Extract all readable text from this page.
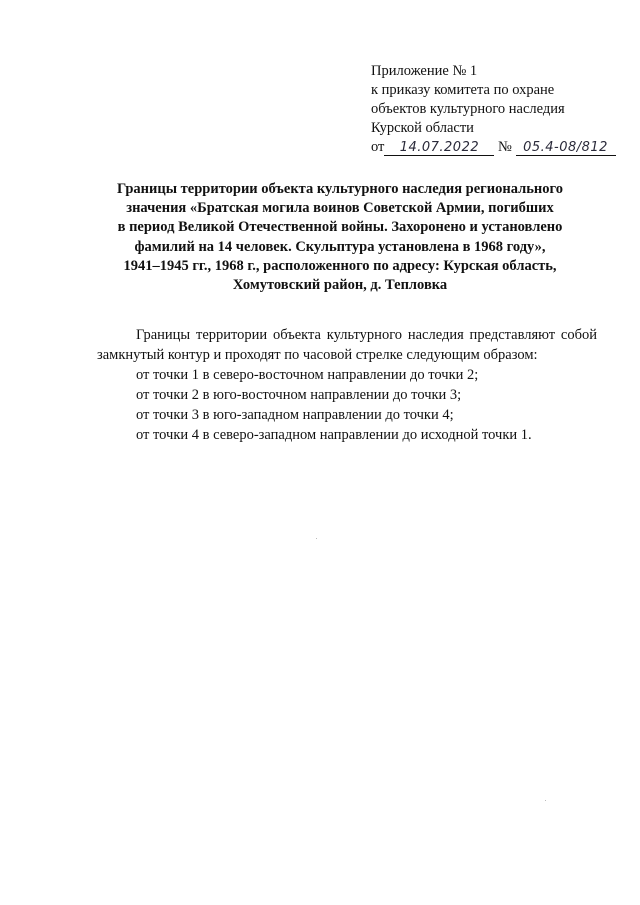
Приложение № 1
к приказу комитета по охране
объектов культурного наследия
Курской области
от 14.07.2022 № 05.4-08/812
Границы территории объекта культурного наследия регионального
значения «Братская могила воинов Советской Армии, погибших
в период Великой Отечественной войны. Захоронено и установлено
фамилий на 14 человек. Скульптура установлена в 1968 году»,
1941–1945 гг., 1968 г., расположенного по адресу: Курская область,
Хомутовский район, д. Тепловка

Границы территории объекта культурного наследия представляют собой замкнутый контур и проходят по часовой стрелке следующим образом:

от точки 1 в северо-восточном направлении до точки 2;

от точки 2 в юго-восточном направлении до точки 3;

от точки 3 в юго-западном направлении до точки 4;

от точки 4 в северо-западном направлении до исходной точки 1.
